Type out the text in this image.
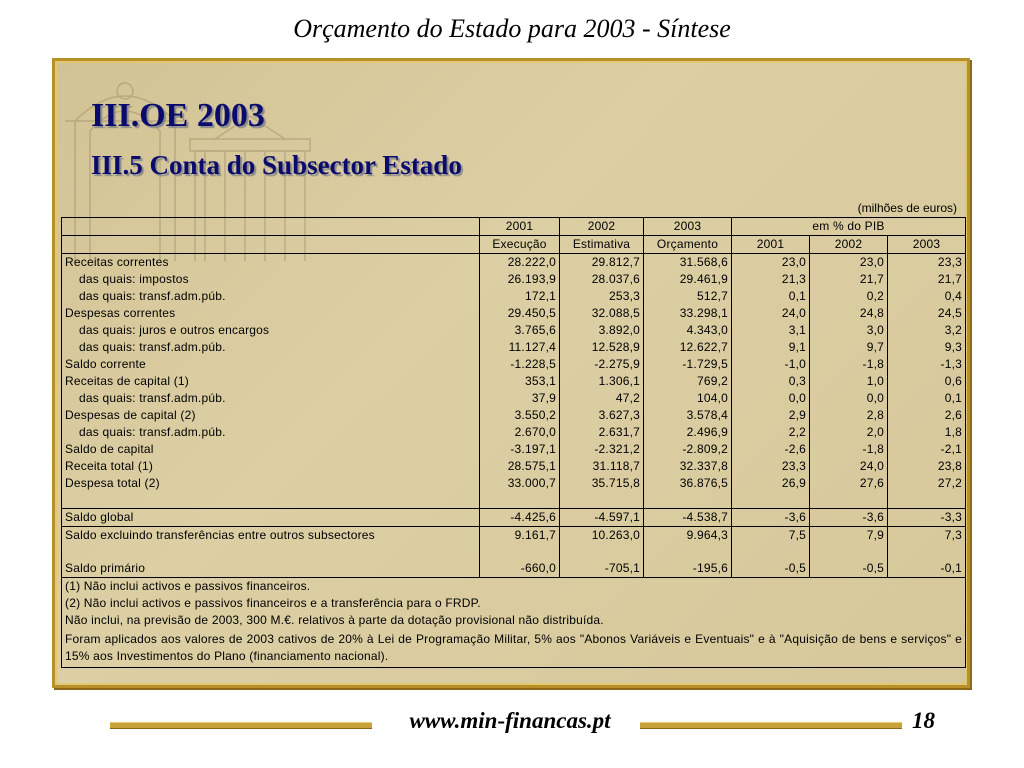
Orçamento do Estado para 2003 - Síntese
III.OE 2003
III.5 Conta do Subsector Estado
(milhões de euros)
	2001	2002	2003	em % do PIB		
	Execução	Estimativa	Orçamento	2001	2002	2003
Receitas correntes	28.222,0	29.812,7	31.568,6	23,0	23,0	23,3
das quais: impostos	26.193,9	28.037,6	29.461,9	21,3	21,7	21,7
das quais: transf.adm.púb.	172,1	253,3	512,7	0,1	0,2	0,4
Despesas correntes	29.450,5	32.088,5	33.298,1	24,0	24,8	24,5
das quais: juros e outros encargos	3.765,6	3.892,0	4.343,0	3,1	3,0	3,2
das quais: transf.adm.púb.	11.127,4	12.528,9	12.622,7	9,1	9,7	9,3
Saldo corrente	-1.228,5	-2.275,9	-1.729,5	-1,0	-1,8	-1,3
Receitas de capital (1)	353,1	1.306,1	769,2	0,3	1,0	0,6
das quais: transf.adm.púb.	37,9	47,2	104,0	0,0	0,0	0,1
Despesas de capital (2)	3.550,2	3.627,3	3.578,4	2,9	2,8	2,6
das quais: transf.adm.púb.	2.670,0	2.631,7	2.496,9	2,2	2,0	1,8
Saldo de capital	-3.197,1	-2.321,2	-2.809,2	-2,6	-1,8	-2,1
Receita total (1)	28.575,1	31.118,7	32.337,8	23,3	24,0	23,8
Despesa total (2)	33.000,7	35.715,8	36.876,5	26,9	27,6	27,2

Saldo global	-4.425,6	-4.597,1	-4.538,7	-3,6	-3,6	-3,3
Saldo excluindo transferências entre outros subsectores	9.161,7	10.263,0	9.964,3	7,5	7,9	7,3

Saldo primário	-660,0	-705,1	-195,6	-0,5	-0,5	-0,1
(1) Não inclui activos e passivos financeiros.						
(2) Não inclui activos e passivos financeiros e a transferência para o FRDP.						
Não inclui, na previsão de 2003, 300 M.€. relativos à parte da dotação provisional não distribuída.						
Foram aplicados aos valores de 2003 cativos de 20% à Lei de Programação Militar, 5% aos "Abonos Variáveis e Eventuais" e à "Aquisição de bens e serviços" e 15% aos Investimentos do Plano (financiamento nacional).						
www.min-financas.pt	18
